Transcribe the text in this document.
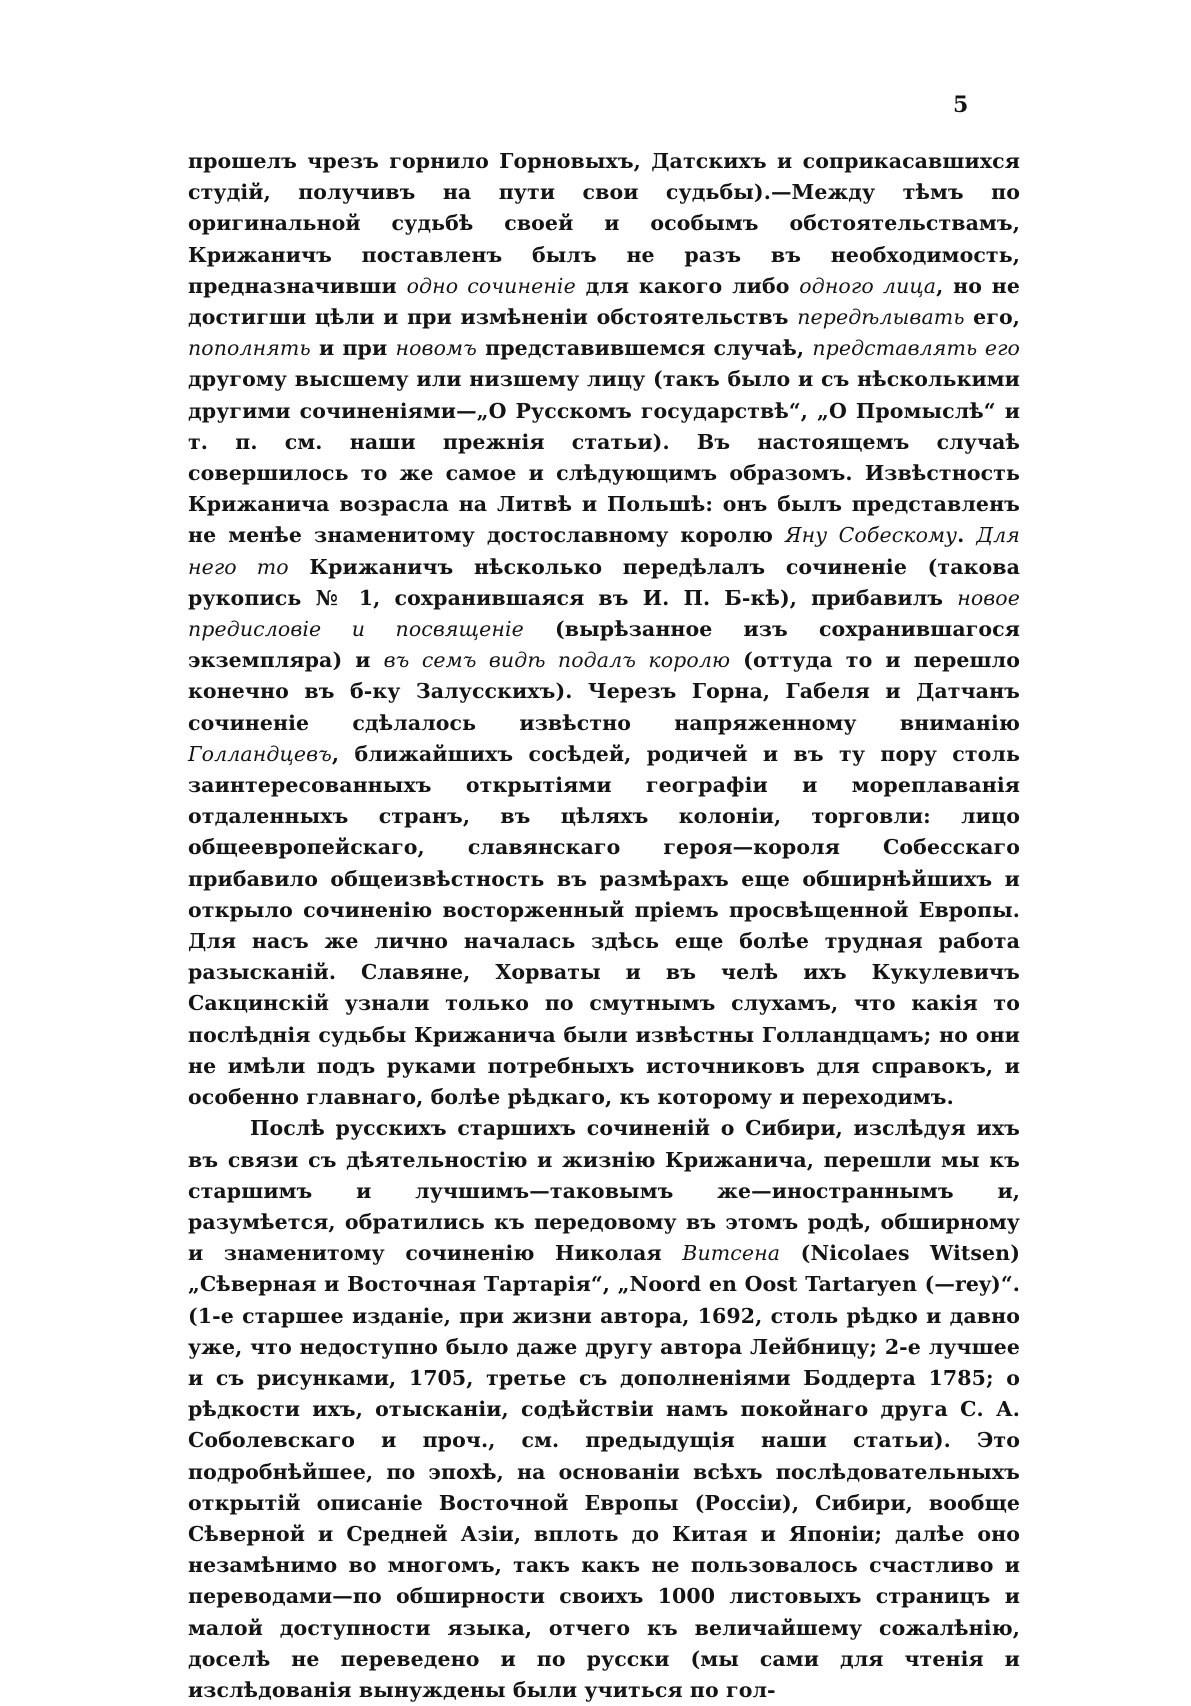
5

прошелъ чрезъ горнило Горновыхъ, Датскихъ и соприкасавшихся студій, получивъ на пути свои судьбы).—Между тѣмъ по оригинальной судьбѣ своей и особымъ обстоятельствамъ, Крижаничъ поставленъ былъ не разъ въ необходимость, предназначивши одно сочиненіе для какого либо одного лица, но не достигши цѣли и при измѣненіи обстоятельствъ передѣлывать его, пополнять и при новомъ представившемся случаѣ, представлять его другому высшему или низшему лицу (такъ было и съ нѣсколькими другими сочиненіями—„О Русскомъ государствѣ“, „О Промыслѣ“ и т. п. см. наши прежнія статьи). Въ настоящемъ случаѣ совершилось то же самое и слѣдующимъ образомъ. Извѣстность Крижанича возрасла на Литвѣ и Польшѣ: онъ былъ представленъ не менѣе знаменитому достославному королю Яну Собескому. Для него то Крижаничъ нѣсколько передѣлалъ сочиненіе (такова рукопись № 1, сохранившаяся въ И. П. Б-кѣ), прибавилъ новое предисловіе и посвященіе (вырѣзанное изъ сохранившагося экземпляра) и въ семъ видѣ подалъ королю (оттуда то и перешло конечно въ б-ку Залусскихъ). Черезъ Горна, Габеля и Датчанъ сочиненіе сдѣлалось извѣстно напряженному вниманію Голландцевъ, ближайшихъ сосѣдей, родичей и въ ту пору столь заинтересованныхъ открытіями географіи и мореплаванія отдаленныхъ странъ, въ цѣляхъ колоніи, торговли: лицо общеевропейскаго, славянскаго героя—короля Собесскаго прибавило общеизвѣстность въ размѣрахъ еще обширнѣйшихъ и открыло сочиненію восторженный пріемъ просвѣщенной Европы. Для насъ же лично началась здѣсь еще болѣе трудная работа разысканій. Славяне, Хорваты и въ челѣ ихъ Кукулевичъ Сакцинскій узнали только по смутнымъ слухамъ, что какія то послѣднія судьбы Крижанича были извѣстны Голландцамъ; но они не имѣли подъ руками потребныхъ источниковъ для справокъ, и особенно главнаго, болѣе рѣдкаго, къ которому и переходимъ.

Послѣ русскихъ старшихъ сочиненій о Сибири, изслѣдуя ихъ въ связи съ дѣятельностію и жизнію Крижанича, перешли мы къ старшимъ и лучшимъ—таковымъ же—иностраннымъ и, разумѣется, обратились къ передовому въ этомъ родѣ, обширному и знаменитому сочиненію Николая Витсена (Nicolaes Witsen) „Сѣверная и Восточная Тартарія“, „Noord en Oost Tartaryen (—rey)“. (1-е старшее изданіе, при жизни автора, 1692, столь рѣдко и давно уже, что недоступно было даже другу автора Лейбницу; 2-е лучшее и съ рисунками, 1705, третье съ дополненіями Боддерта 1785; о рѣдкости ихъ, отысканіи, содѣйствіи намъ покойнаго друга С. А. Соболевскаго и проч., см. предыдущія наши статьи). Это подробнѣйшее, по эпохѣ, на основаніи всѣхъ послѣдовательныхъ открытій описаніе Восточной Европы (Россіи), Сибири, вообще Сѣверной и Средней Азіи, вплоть до Китая и Японіи; далѣе оно незамѣнимо во многомъ, такъ какъ не пользовалось счастливо и переводами—по обширности своихъ 1000 листовыхъ страницъ и малой доступности языка, отчего къ величайшему сожалѣнію, доселѣ не переведено и по русски (мы сами для чтенія и изслѣдованія вынуждены были учиться по гол-
